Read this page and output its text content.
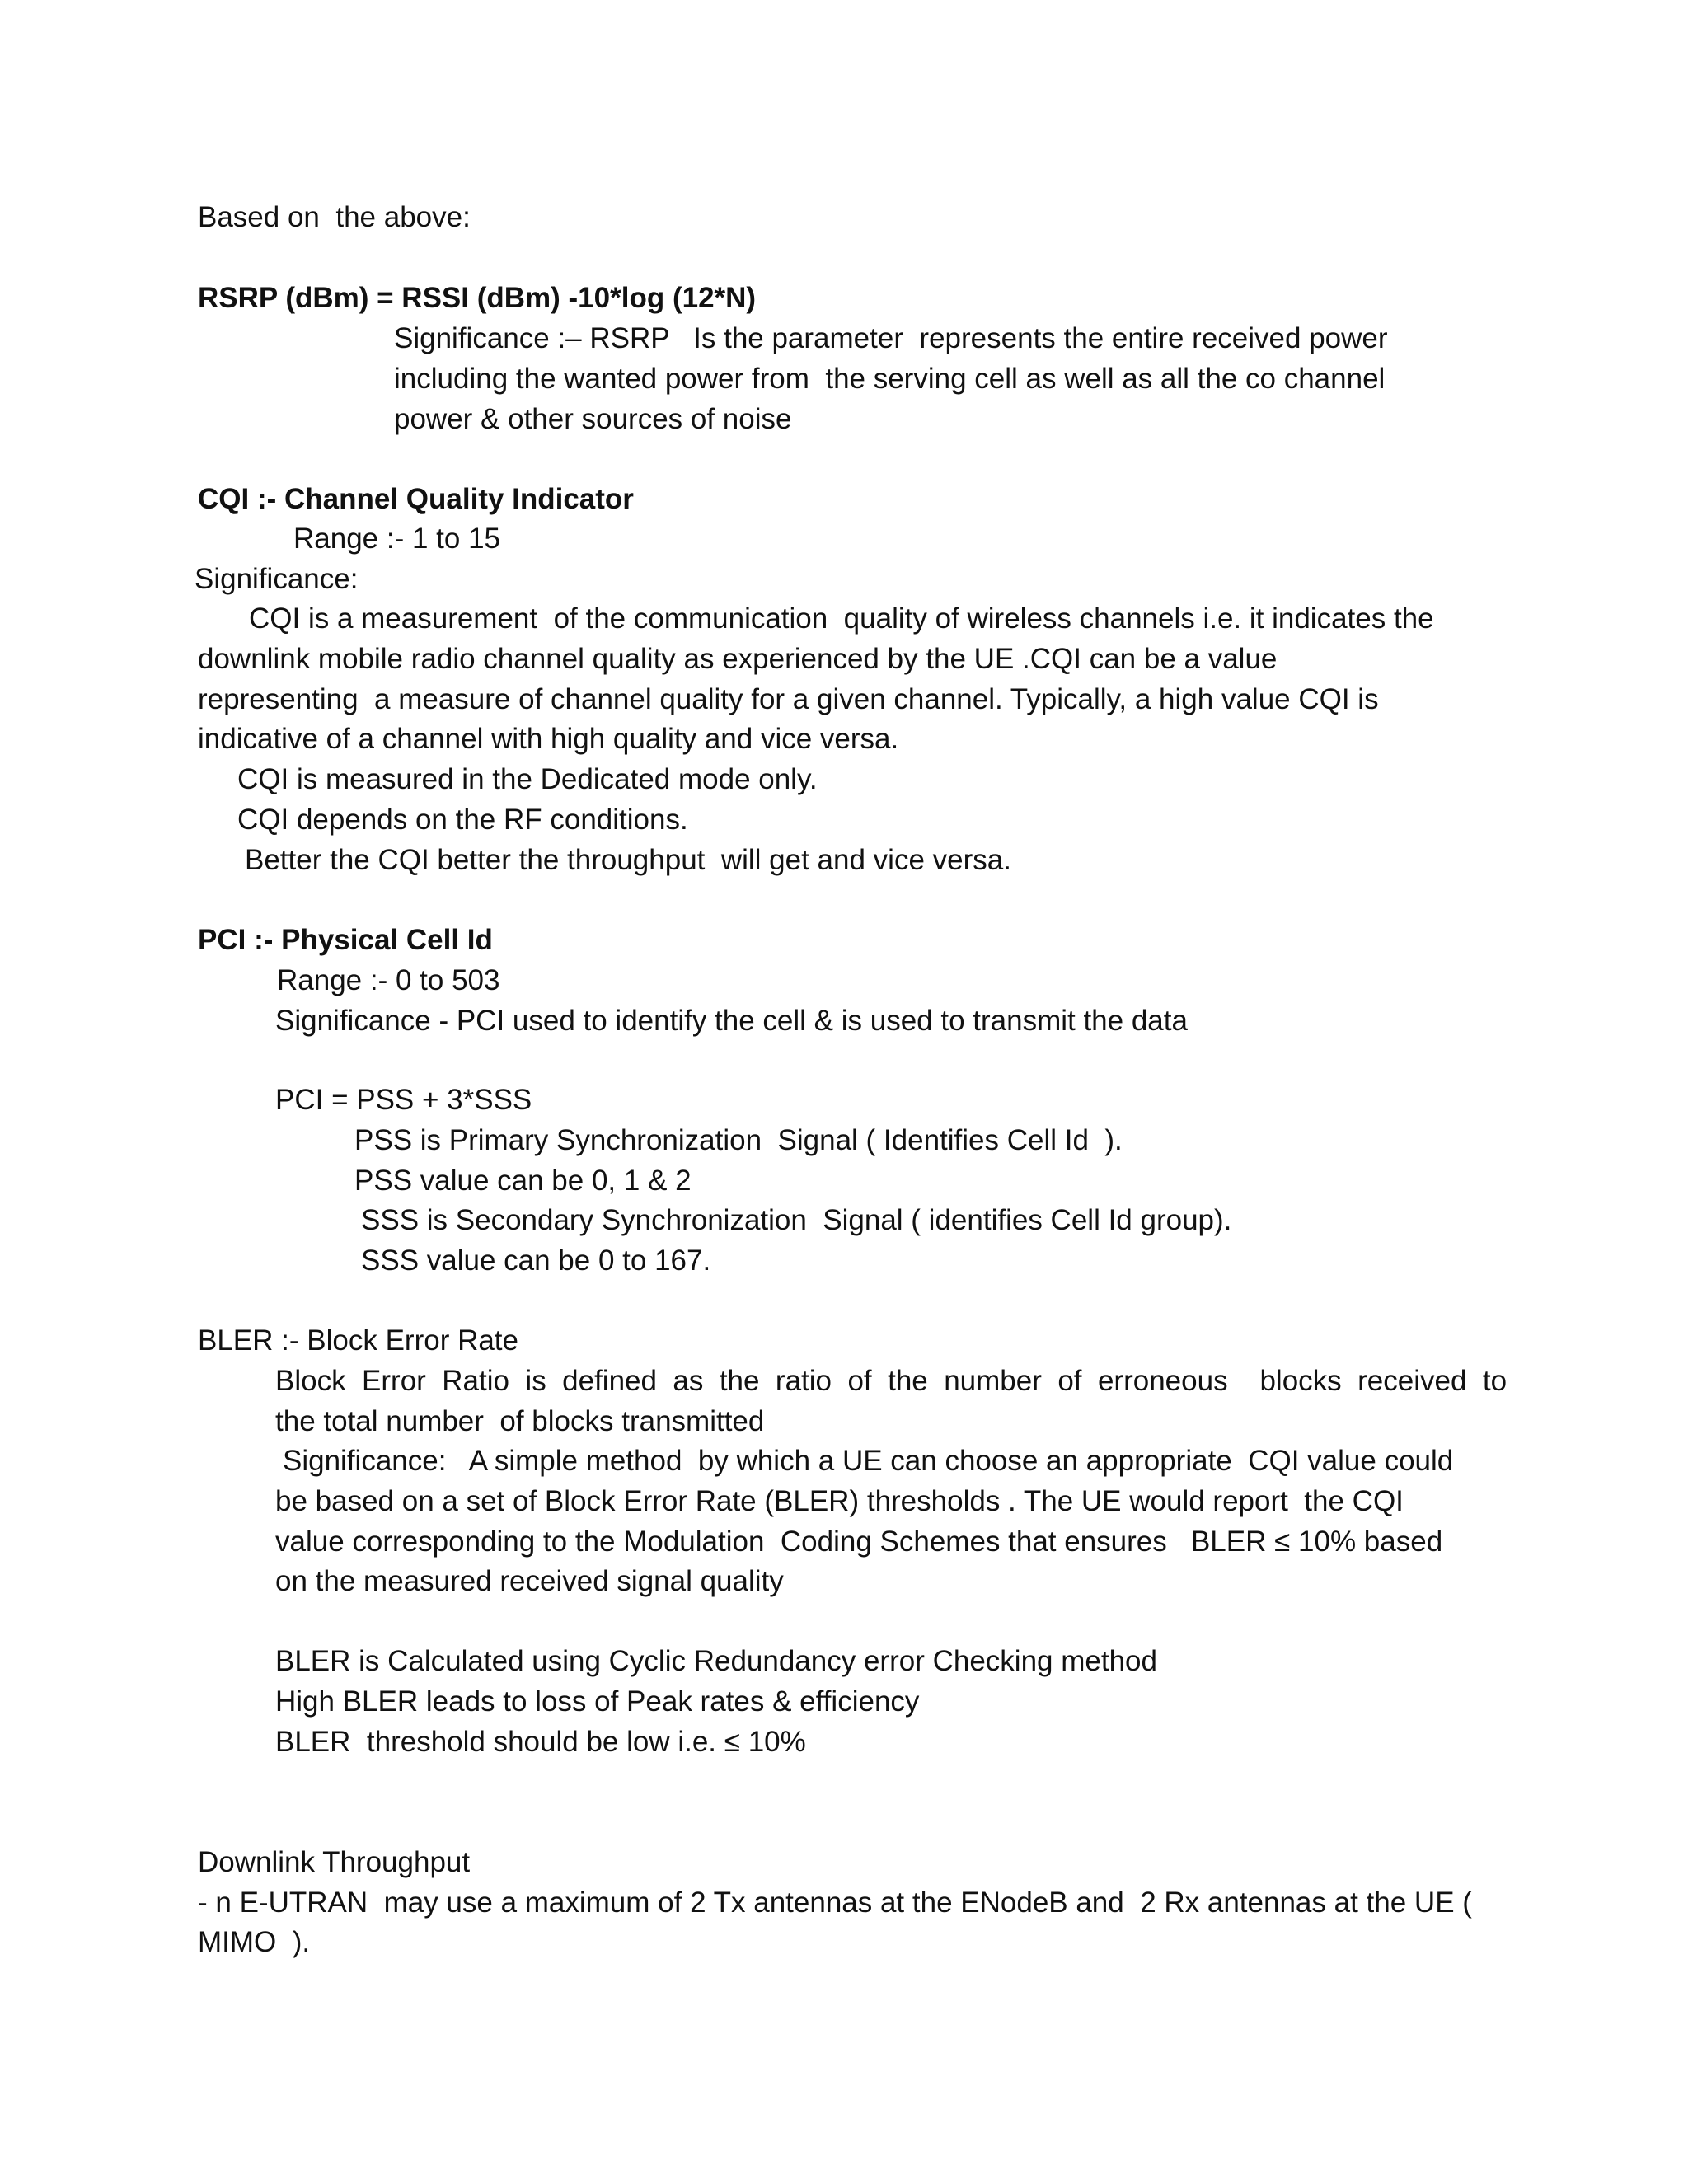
Based on  the above:
RSRP (dBm) = RSSI (dBm) -10*log (12*N)
Significance :– RSRP   Is the parameter  represents the entire received power
including the wanted power from  the serving cell as well as all the co channel
power & other sources of noise
CQI :- Channel Quality Indicator
Range :- 1 to 15
Significance:
CQI is a measurement  of the communication  quality of wireless channels i.e. it indicates the
downlink mobile radio channel quality as experienced by the UE .CQI can be a value
representing  a measure of channel quality for a given channel. Typically, a high value CQI is
indicative of a channel with high quality and vice versa.
CQI is measured in the Dedicated mode only.
CQI depends on the RF conditions.
Better the CQI better the throughput  will get and vice versa.
PCI :- Physical Cell Id
Range :- 0 to 503
Significance - PCI used to identify the cell & is used to transmit the data
PCI = PSS + 3*SSS
PSS is Primary Synchronization  Signal ( Identifies Cell Id  ).
PSS value can be 0, 1 & 2
SSS is Secondary Synchronization  Signal ( identifies Cell Id group).
SSS value can be 0 to 167.
BLER :- Block Error Rate
Block  Error  Ratio  is  defined  as  the  ratio  of  the  number  of  erroneous    blocks  received  to
the total number  of blocks transmitted
Significance:   A simple method  by which a UE can choose an appropriate  CQI value could
be based on a set of Block Error Rate (BLER) thresholds . The UE would report  the CQI
value corresponding to the Modulation  Coding Schemes that ensures   BLER ≤ 10% based
on the measured received signal quality
BLER is Calculated using Cyclic Redundancy error Checking method
High BLER leads to loss of Peak rates & efficiency
BLER  threshold should be low i.e. ≤ 10%
Downlink Throughput
- n E-UTRAN  may use a maximum of 2 Tx antennas at the ENodeB and  2 Rx antennas at the UE (
MIMO  ).
